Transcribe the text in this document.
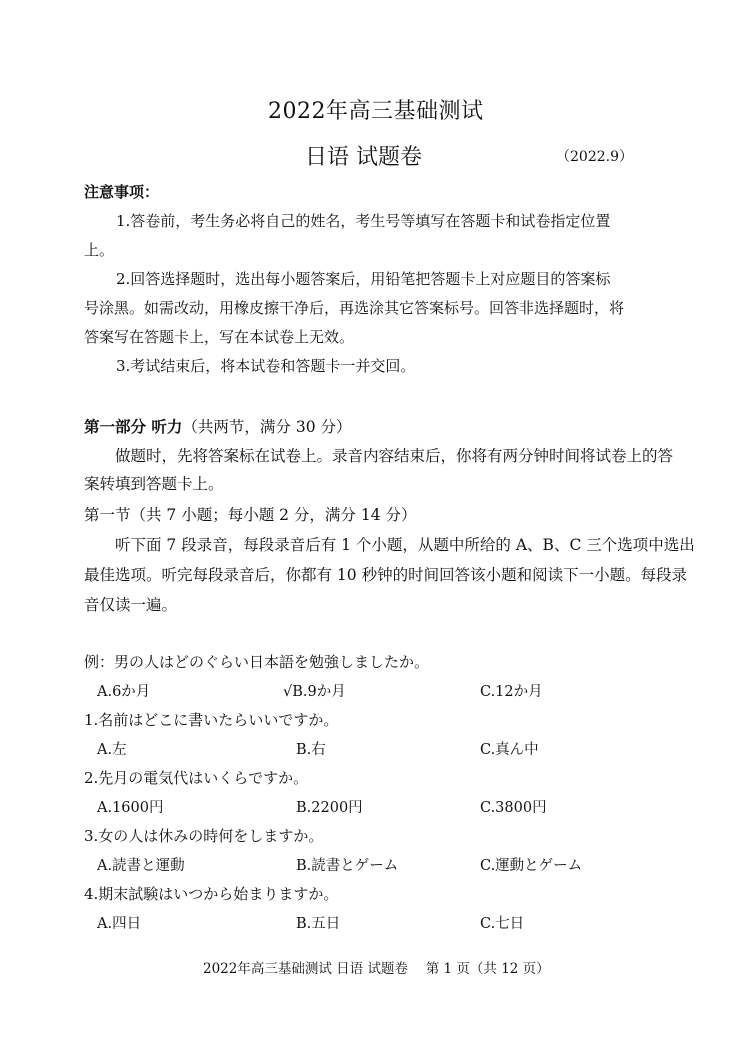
2022年高三基础测试
日语 试题卷	（2022.9）
注意事项：
1.答卷前，考生务必将自己的姓名，考生号等填写在答题卡和试卷指定位置
上。
2.回答选择题时，选出每小题答案后，用铅笔把答题卡上对应题目的答案标
号涂黑。如需改动，用橡皮擦干净后，再选涂其它答案标号。回答非选择题时，将
答案写在答题卡上，写在本试卷上无效。
3.考试结束后，将本试卷和答题卡一并交回。
第一部分 听力（共两节，满分 30 分）
做题时，先将答案标在试卷上。录音内容结束后，你将有两分钟时间将试卷上的答
案转填到答题卡上。
第一节（共 7 小题；每小题 2 分，满分 14 分）
听下面 7 段录音，每段录音后有 1 个小题，从题中所给的 A、B、C 三个选项中选出
最佳选项。听完每段录音后，你都有 10 秒钟的时间回答该小题和阅读下一小题。每段录
音仅读一遍。
例：男の人はどのぐらい日本語を勉強しましたか。
A.6か月	√B.9か月	C.12か月
1.名前はどこに書いたらいいですか。
A.左	B.右	C.真ん中
2.先月の電気代はいくらですか。
A.1600円	B.2200円	C.3800円
3.女の人は休みの時何をしますか。
A.読書と運動	B.読書とゲーム	C.運動とゲーム
4.期末試験はいつから始まりますか。
A.四日	B.五日	C.七日
2022年高三基础测试 日语 试题卷　 第 1 页（共 12 页）
